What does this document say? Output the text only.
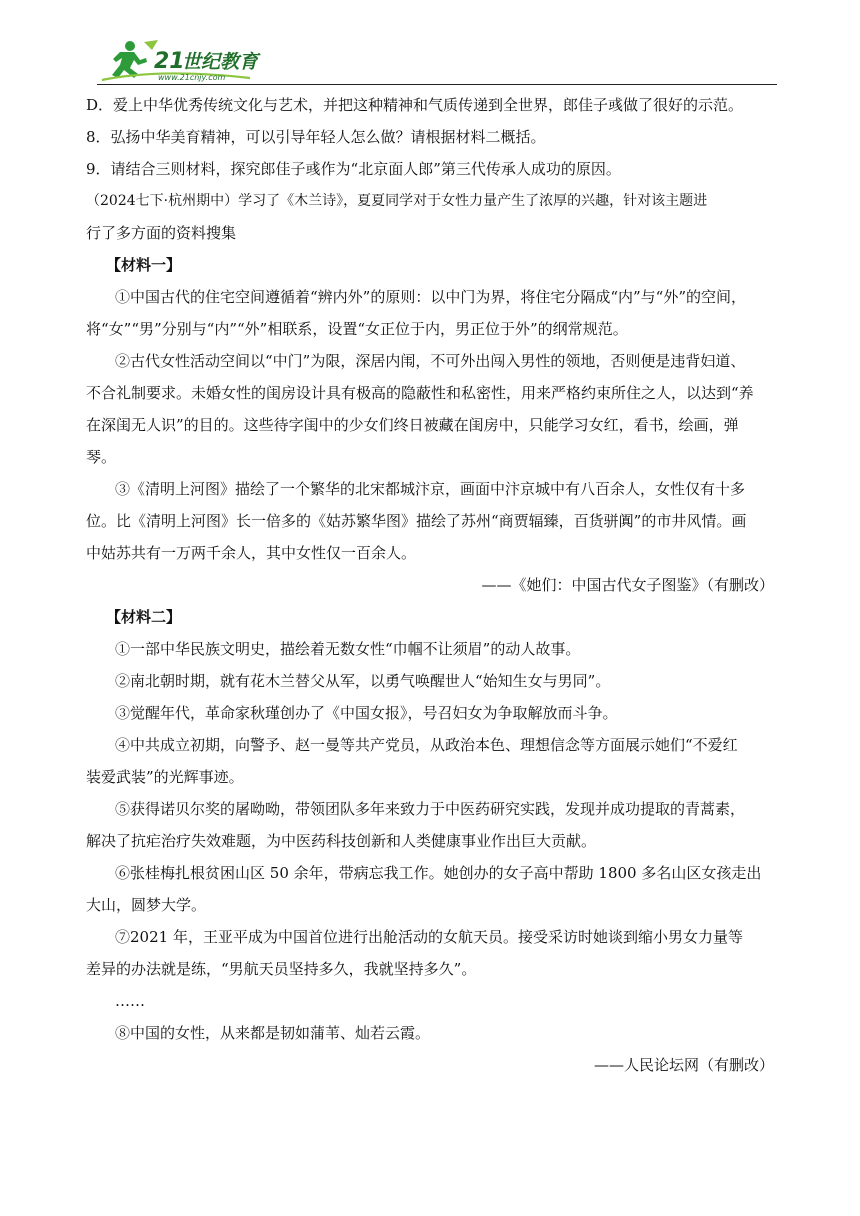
21
世纪教育
www.21cnjy.com

D．爱上中华优秀传统文化与艺术，并把这种精神和气质传递到全世界，郎佳子彧做了很好的示范。

8．弘扬中华美育精神，可以引导年轻人怎么做？请根据材料二概括。

9．请结合三则材料，探究郎佳子彧作为“北京面人郎”第三代传承人成功的原因。

（2024七下·杭州期中）学习了《木兰诗》，夏夏同学对于女性力量产生了浓厚的兴趣，针对该主题进

行了多方面的资料搜集

【材料一】

①中国古代的住宅空间遵循着“辨内外”的原则：以中门为界，将住宅分隔成“内”与“外”的空间，

将“女”“男”分别与“内”“外”相联系，设置“女正位于内，男正位于外”的纲常规范。

②古代女性活动空间以“中门”为限，深居内闱，不可外出闯入男性的领地，否则便是违背妇道、

不合礼制要求。未婚女性的闺房设计具有极高的隐蔽性和私密性，用来严格约束所住之人，以达到“养

在深闺无人识”的目的。这些待字闺中的少女们终日被藏在闺房中，只能学习女红，看书，绘画，弹

琴。

③《清明上河图》描绘了一个繁华的北宋都城汴京，画面中汴京城中有八百余人，女性仅有十多

位。比《清明上河图》长一倍多的《姑苏繁华图》描绘了苏州“商贾辐臻，百货骈阗”的市井风情。画

中姑苏共有一万两千余人，其中女性仅一百余人。

——《她们：中国古代女子图鉴》（有删改）

【材料二】

①一部中华民族文明史，描绘着无数女性“巾帼不让须眉”的动人故事。

②南北朝时期，就有花木兰替父从军，以勇气唤醒世人“始知生女与男同”。

③觉醒年代，革命家秋瑾创办了《中国女报》，号召妇女为争取解放而斗争。

④中共成立初期，向警予、赵一曼等共产党员，从政治本色、理想信念等方面展示她们“不爱红

装爱武装”的光辉事迹。

⑤获得诺贝尔奖的屠呦呦，带领团队多年来致力于中医药研究实践，发现并成功提取的青蒿素，

解决了抗疟治疗失效难题，为中医药科技创新和人类健康事业作出巨大贡献。

⑥张桂梅扎根贫困山区 50 余年，带病忘我工作。她创办的女子高中帮助 1800 多名山区女孩走出

大山，圆梦大学。

⑦2021 年，王亚平成为中国首位进行出舱活动的女航天员。接受采访时她谈到缩小男女力量等

差异的办法就是练，“男航天员坚持多久，我就坚持多久”。

……

⑧中国的女性，从来都是韧如蒲苇、灿若云霞。

——人民论坛网（有删改）
